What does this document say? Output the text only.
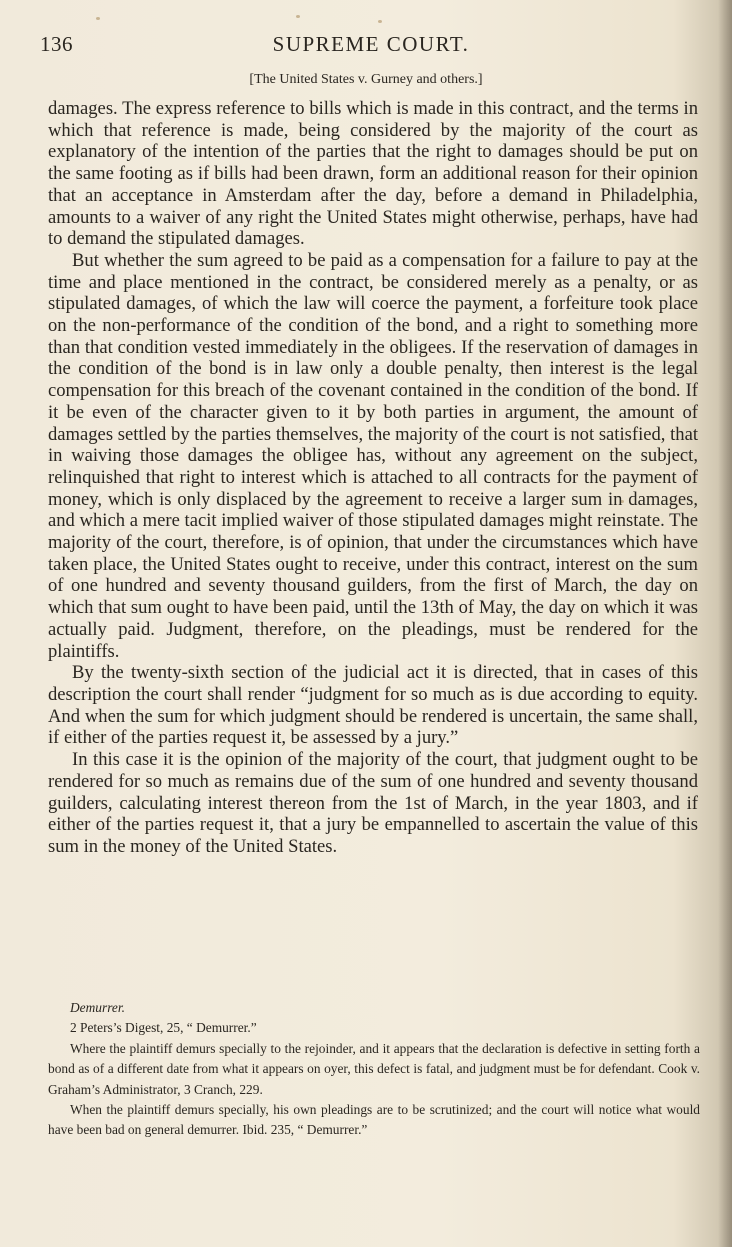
SUPREME COURT.
136
[The United States v. Gurney and others.]

damages. The express reference to bills which is made in this contract, and the terms in which that reference is made, being considered by the majority of the court as explanatory of the intention of the parties that the right to damages should be put on the same footing as if bills had been drawn, form an additional reason for their opinion that an acceptance in Amsterdam after the day, before a demand in Philadelphia, amounts to a waiver of any right the United States might otherwise, perhaps, have had to demand the stipulated damages.

But whether the sum agreed to be paid as a compensation for a failure to pay at the time and place mentioned in the contract, be considered merely as a penalty, or as stipulated damages, of which the law will coerce the payment, a forfeiture took place on the non-performance of the condition of the bond, and a right to something more than that condition vested immediately in the obligees. If the reservation of damages in the condition of the bond is in law only a double penalty, then interest is the legal compensation for this breach of the covenant contained in the condition of the bond. If it be even of the character given to it by both parties in argument, the amount of damages settled by the parties themselves, the majority of the court is not satisfied, that in waiving those damages the obligee has, without any agreement on the subject, relinquished that right to interest which is attached to all contracts for the payment of money, which is only displaced by the agreement to receive a larger sum in damages, and which a mere tacit implied waiver of those stipulated damages might reinstate. The majority of the court, therefore, is of opinion, that under the circumstances which have taken place, the United States ought to receive, under this contract, interest on the sum of one hundred and seventy thousand guilders, from the first of March, the day on which that sum ought to have been paid, until the 13th of May, the day on which it was actually paid. Judgment, therefore, on the pleadings, must be rendered for the plaintiffs.

By the twenty-sixth section of the judicial act it is directed, that in cases of this description the court shall render “judgment for so much as is due according to equity. And when the sum for which judgment should be rendered is uncertain, the same shall, if either of the parties request it, be assessed by a jury.”

In this case it is the opinion of the majority of the court, that judgment ought to be rendered for so much as remains due of the sum of one hundred and seventy thousand guilders, calculating interest thereon from the 1st of March, in the year 1803, and if either of the parties request it, that a jury be empannelled to ascertain the value of this sum in the money of the United States.

Demurrer.

2 Peters’s Digest, 25, “ Demurrer.”

Where the plaintiff demurs specially to the rejoinder, and it appears that the declaration is defective in setting forth a bond as of a different date from what it appears on oyer, this defect is fatal, and judgment must be for defendant. Cook v. Graham’s Administrator, 3 Cranch, 229.

When the plaintiff demurs specially, his own pleadings are to be scrutinized; and the court will notice what would have been bad on general demurrer. Ibid. 235, “ Demurrer.”
